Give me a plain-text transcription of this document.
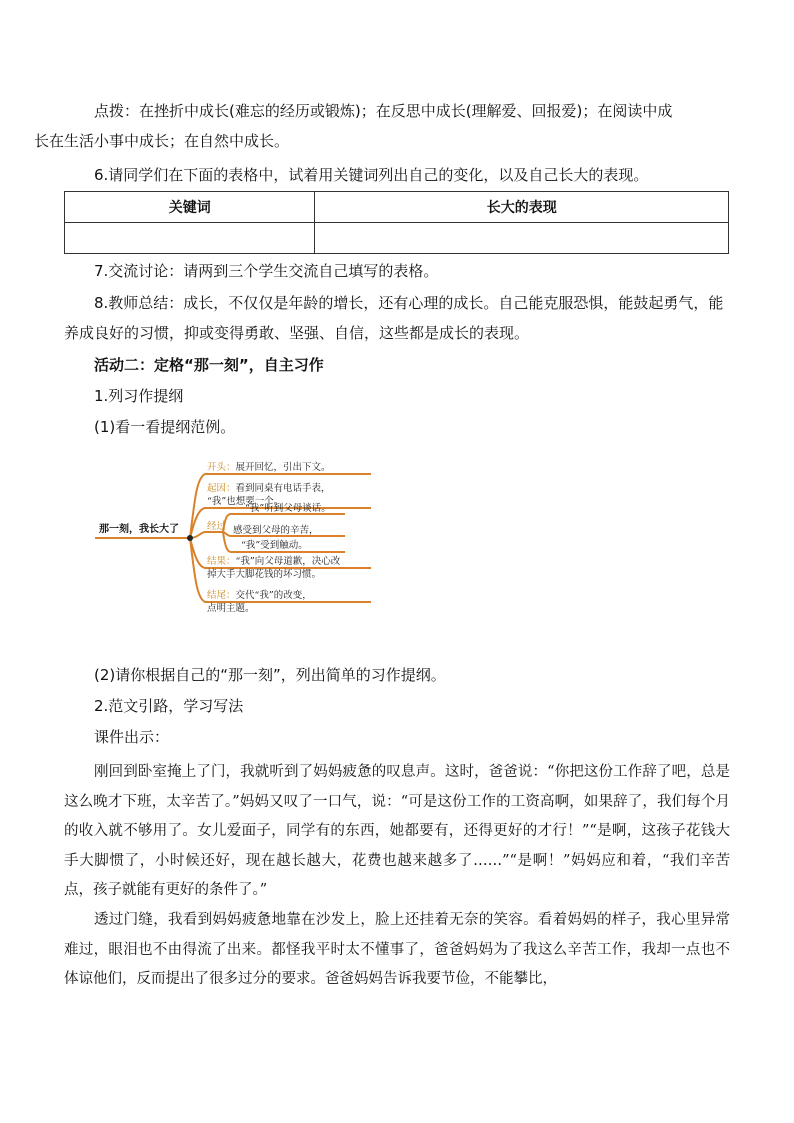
点拨：在挫折中成长(难忘的经历或锻炼)；在反思中成长(理解爱、回报爱)；在阅读中成
长在生活小事中成长；在自然中成长。

6.请同学们在下面的表格中，试着用关键词列出自己的变化，以及自己长大的表现。

关键词	长大的表现

7.交流讨论：请两到三个学生交流自己填写的表格。

8.教师总结：成长，不仅仅是年龄的增长，还有心理的成长。自己能克服恐惧，能鼓起勇气，能养成良好的习惯，抑或变得勇敢、坚强、自信，这些都是成长的表现。

活动二：定格“那一刻”，自主习作

1.列习作提纲

(1)看一看提纲范例。

那一刻，我长大了
开头：展开回忆，引出下文。
起因：看到同桌有电话手表，
“我”也想要一个。
经过
“我”听到父母谈话。
感受到父母的辛苦，
“我”受到触动。
结果：“我”向父母道歉，决心改
掉大手大脚花钱的坏习惯。
结尾：交代“我”的改变，
点明主题。

(2)请你根据自己的“那一刻”，列出简单的习作提纲。

2.范文引路，学习写法

课件出示：

刚回到卧室掩上了门，我就听到了妈妈疲惫的叹息声。这时，爸爸说：“你把这份工作辞了吧，总是这么晚才下班，太辛苦了。”妈妈又叹了一口气，说：“可是这份工作的工资高啊，如果辞了，我们每个月的收入就不够用了。女儿爱面子，同学有的东西，她都要有，还得更好的才行！”“是啊，这孩子花钱大手大脚惯了，小时候还好，现在越长越大，花费也越来越多了……”“是啊！”妈妈应和着，“我们辛苦点，孩子就能有更好的条件了。”

透过门缝，我看到妈妈疲惫地靠在沙发上，脸上还挂着无奈的笑容。看着妈妈的样子，我心里异常难过，眼泪也不由得流了出来。都怪我平时太不懂事了，爸爸妈妈为了我这么辛苦工作，我却一点也不体谅他们，反而提出了很多过分的要求。爸爸妈妈告诉我要节俭，不能攀比，
